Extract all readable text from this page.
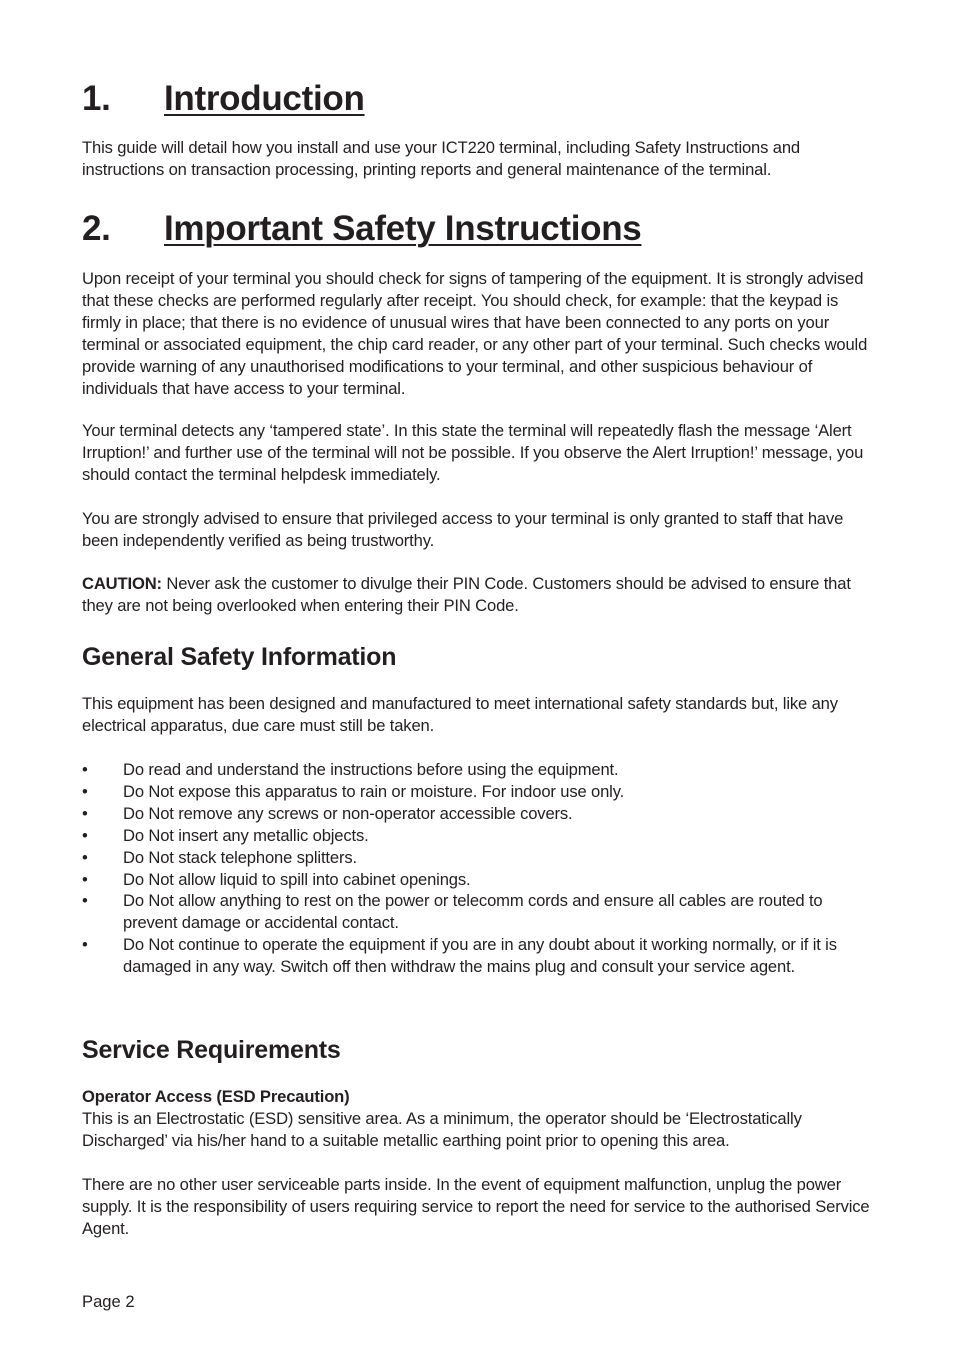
1. Introduction

This guide will detail how you install and use your ICT220 terminal, including Safety Instructions and instructions on transaction processing, printing reports and general maintenance of the terminal.

2. Important Safety Instructions

Upon receipt of your terminal you should check for signs of tampering of the equipment. It is strongly advised that these checks are performed regularly after receipt. You should check, for example: that the keypad is firmly in place; that there is no evidence of unusual wires that have been connected to any ports on your terminal or associated equipment, the chip card reader, or any other part of your terminal. Such checks would provide warning of any unauthorised modifications to your terminal, and other suspicious behaviour of individuals that have access to your terminal.

Your terminal detects any ‘tampered state’. In this state the terminal will repeatedly flash the message ‘Alert Irruption!’ and further use of the terminal will not be possible. If you observe the Alert Irruption!’ message, you should contact the terminal helpdesk immediately.

You are strongly advised to ensure that privileged access to your terminal is only granted to staff that have been independently verified as being trustworthy.

CAUTION: Never ask the customer to divulge their PIN Code. Customers should be advised to ensure that they are not being overlooked when entering their PIN Code.

General Safety Information

This equipment has been designed and manufactured to meet international safety standards but, like any electrical apparatus, due care must still be taken.

• Do read and understand the instructions before using the equipment.
• Do Not expose this apparatus to rain or moisture. For indoor use only.
• Do Not remove any screws or non-operator accessible covers.
• Do Not insert any metallic objects.
• Do Not stack telephone splitters.
• Do Not allow liquid to spill into cabinet openings.
• Do Not allow anything to rest on the power or telecomm cords and ensure all cables are routed to prevent damage or accidental contact.
• Do Not continue to operate the equipment if you are in any doubt about it working normally, or if it is damaged in any way. Switch off then withdraw the mains plug and consult your service agent.
Service Requirements

Operator Access (ESD Precaution)

This is an Electrostatic (ESD) sensitive area. As a minimum, the operator should be ‘Electrostatically Discharged’ via his/her hand to a suitable metallic earthing point prior to opening this area.

There are no other user serviceable parts inside. In the event of equipment malfunction, unplug the power supply. It is the responsibility of users requiring service to report the need for service to the authorised Service Agent.

Page 2
